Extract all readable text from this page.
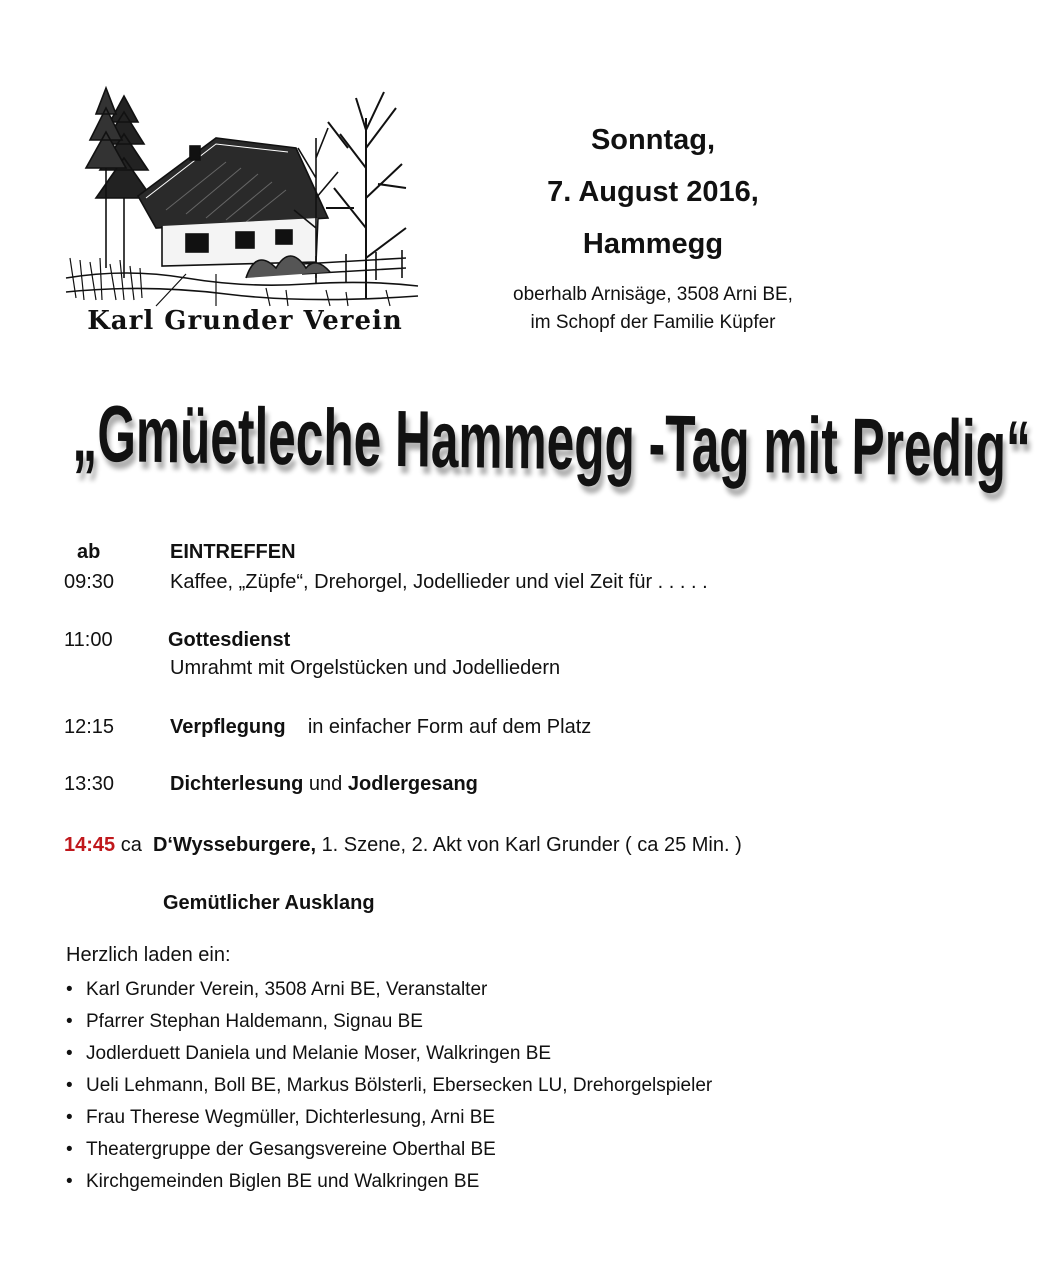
Karl Grunder Verein
Sonntag,
7. August 2016,
Hammegg
oberhalb Arnisäge, 3508 Arni BE,
im Schopf der Familie Küpfer
„Gmüetleche Hammegg -Tag mit Predig“
ab	EINTREFFEN
09:30	Kaffee, „Züpfe“, Drehorgel, Jodellieder und viel Zeit für . . . . .
11:00	Gottesdienst
Umrahmt mit Orgelstücken und Jodelliedern
12:15	Verpflegung in einfacher Form auf dem Platz
13:30	Dichterlesung und Jodlergesang
14:45 ca D‘Wysseburgere, 1. Szene, 2. Akt von Karl Grunder ( ca 25 Min. )
Gemütlicher Ausklang
Herzlich laden ein:
• Karl Grunder Verein, 3508 Arni BE, Veranstalter
• Pfarrer Stephan Haldemann, Signau BE
• Jodlerduett Daniela und Melanie Moser, Walkringen BE
• Ueli Lehmann, Boll BE, Markus Bölsterli, Ebersecken LU, Drehorgelspieler
• Frau Therese Wegmüller, Dichterlesung, Arni BE
• Theatergruppe der Gesangsvereine Oberthal BE
• Kirchgemeinden Biglen BE und Walkringen BE
